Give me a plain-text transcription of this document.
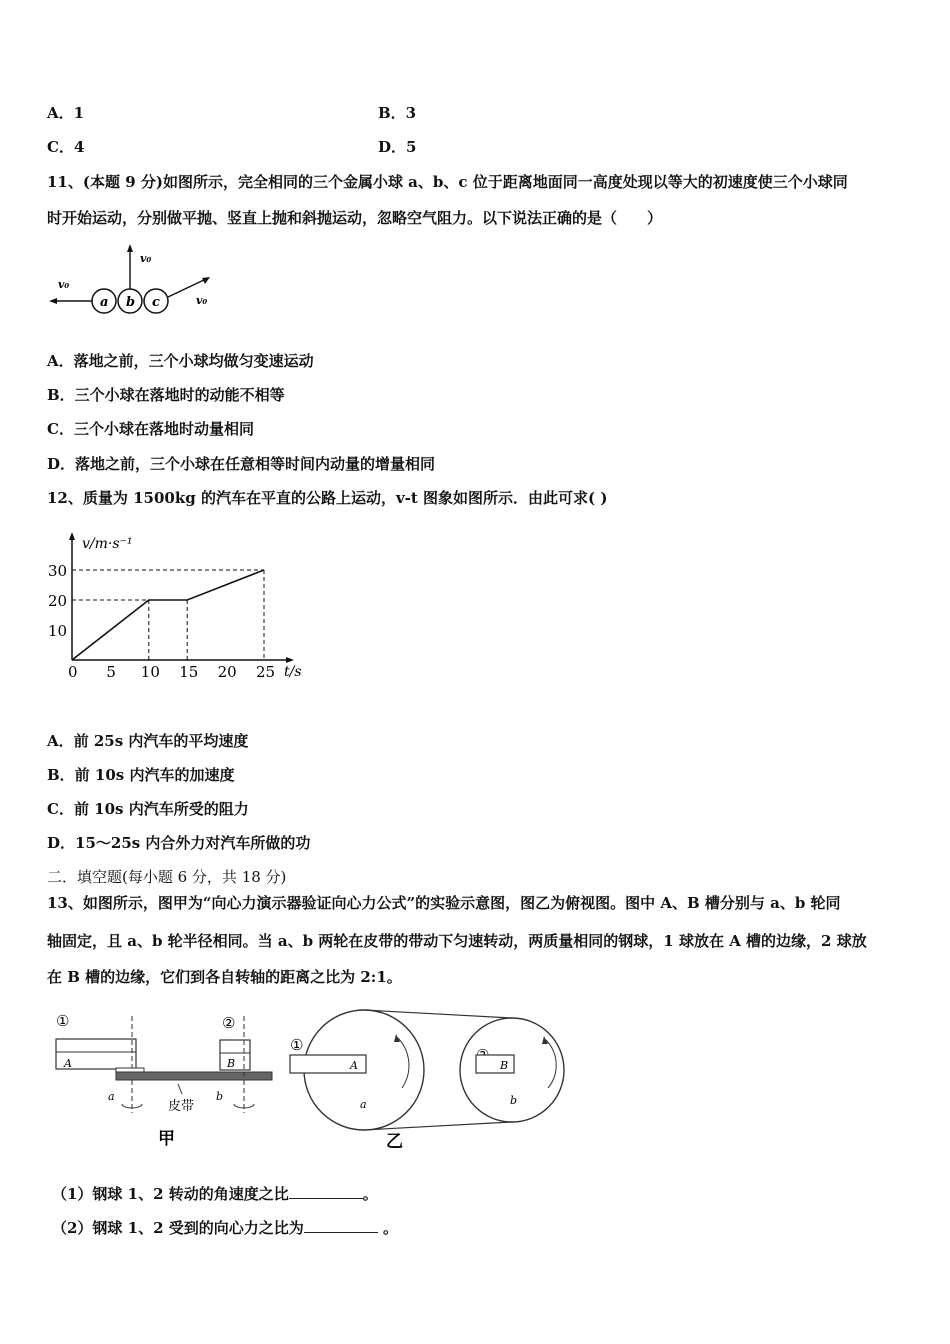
A．1	B．3
C．4	D．5
11、(本题 9 分)如图所示，完全相同的三个金属小球 a、b、c 位于距离地面同一高度处现以等大的初速度使三个小球同
时开始运动，分别做平抛、竖直上抛和斜抛运动，忽略空气阻力。以下说法正确的是（　　）
v₀
a b c
v₀
v₀
A．落地之前，三个小球均做匀变速运动
B．三个小球在落地时的动能不相等
C．三个小球在落地时动量相同
D．落地之前，三个小球在任意相等时间内动量的增量相同
12、质量为 1500kg 的汽车在平直的公路上运动，v-t 图象如图所示．由此可求( )
v/m·s⁻¹
t/s
0 5 10 15 20 25
10
20
30
A．前 25s 内汽车的平均速度
B．前 10s 内汽车的加速度
C．前 10s 内汽车所受的阻力
D．15～25s 内合外力对汽车所做的功
二．填空题(每小题 6 分，共 18 分)
13、如图所示，图甲为“向心力演示器验证向心力公式”的实验示意图，图乙为俯视图。图中 A、B 槽分别与 a、b 轮同
轴固定，且 a、b 轮半径相同。当 a、b 两轮在皮带的带动下匀速转动，两质量相同的钢球，1 球放在 A 槽的边缘，2 球放
在 B 槽的边缘，它们到各自转轴的距离之比为 2:1。
①
A
②
B
a	b
皮带
甲
①
A	B
a	b
乙
（1）钢球 1、2 转动的角速度之比	。
（2）钢球 1、2 受到的向心力之比为	。
